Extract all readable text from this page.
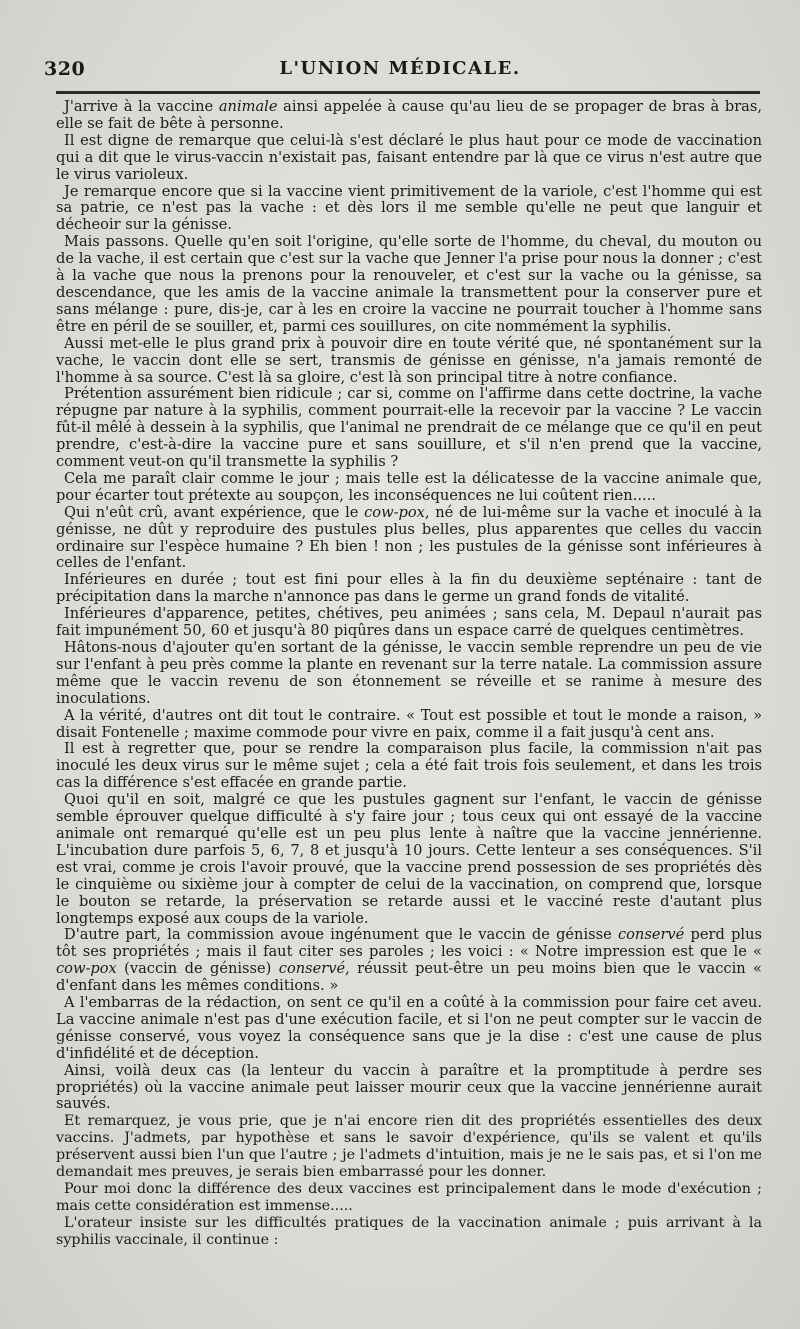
320	L'UNION MÉDICALE.

J'arrive à la vaccine animale ainsi appelée à cause qu'au lieu de se propager de bras à bras, elle se fait de bête à personne.

Il est digne de remarque que celui-là s'est déclaré le plus haut pour ce mode de vaccination qui a dit que le virus-vaccin n'existait pas, faisant entendre par là que ce virus n'est autre que le virus varioleux.

Je remarque encore que si la vaccine vient primitivement de la variole, c'est l'homme qui est sa patrie, ce n'est pas la vache : et dès lors il me semble qu'elle ne peut que languir et décheoir sur la génisse.

Mais passons. Quelle qu'en soit l'origine, qu'elle sorte de l'homme, du cheval, du mouton ou de la vache, il est certain que c'est sur la vache que Jenner l'a prise pour nous la donner ; c'est à la vache que nous la prenons pour la renouveler, et c'est sur la vache ou la génisse, sa descendance, que les amis de la vaccine animale la transmettent pour la conserver pure et sans mélange : pure, dis-je, car à les en croire la vaccine ne pourrait toucher à l'homme sans être en péril de se souiller, et, parmi ces souillures, on cite nommément la syphilis.

Aussi met-elle le plus grand prix à pouvoir dire en toute vérité que, né spontanément sur la vache, le vaccin dont elle se sert, transmis de génisse en génisse, n'a jamais remonté de l'homme à sa source. C'est là sa gloire, c'est là son principal titre à notre confiance.

Prétention assurément bien ridicule ; car si, comme on l'affirme dans cette doctrine, la vache répugne par nature à la syphilis, comment pourrait-elle la recevoir par la vaccine ? Le vaccin fût-il mêlé à dessein à la syphilis, que l'animal ne prendrait de ce mélange que ce qu'il en peut prendre, c'est-à-dire la vaccine pure et sans souillure, et s'il n'en prend que la vaccine, comment veut-on qu'il transmette la syphilis ?

Cela me paraît clair comme le jour ; mais telle est la délicatesse de la vaccine animale que, pour écarter tout prétexte au soupçon, les inconséquences ne lui coûtent rien.....

Qui n'eût crû, avant expérience, que le cow-pox, né de lui-même sur la vache et inoculé à la génisse, ne dût y reproduire des pustules plus belles, plus apparentes que celles du vaccin ordinaire sur l'espèce humaine ? Eh bien ! non ; les pustules de la génisse sont inférieures à celles de l'enfant.

Inférieures en durée ; tout est fini pour elles à la fin du deuxième septénaire : tant de précipitation dans la marche n'annonce pas dans le germe un grand fonds de vitalité.

Inférieures d'apparence, petites, chétives, peu animées ; sans cela, M. Depaul n'aurait pas fait impunément 50, 60 et jusqu'à 80 piqûres dans un espace carré de quelques centimètres.

Hâtons-nous d'ajouter qu'en sortant de la génisse, le vaccin semble reprendre un peu de vie sur l'enfant à peu près comme la plante en revenant sur la terre natale. La commission assure même que le vaccin revenu de son étonnement se réveille et se ranime à mesure des inoculations.

A la vérité, d'autres ont dit tout le contraire. « Tout est possible et tout le monde a raison, » disait Fontenelle ; maxime commode pour vivre en paix, comme il a fait jusqu'à cent ans.

Il est à regretter que, pour se rendre la comparaison plus facile, la commission n'ait pas inoculé les deux virus sur le même sujet ; cela a été fait trois fois seulement, et dans les trois cas la différence s'est effacée en grande partie.

Quoi qu'il en soit, malgré ce que les pustules gagnent sur l'enfant, le vaccin de génisse semble éprouver quelque difficulté à s'y faire jour ; tous ceux qui ont essayé de la vaccine animale ont remarqué qu'elle est un peu plus lente à naître que la vaccine jennérienne. L'incubation dure parfois 5, 6, 7, 8 et jusqu'à 10 jours. Cette lenteur a ses conséquences. S'il est vrai, comme je crois l'avoir prouvé, que la vaccine prend possession de ses propriétés dès le cinquième ou sixième jour à compter de celui de la vaccination, on comprend que, lorsque le bouton se retarde, la préservation se retarde aussi et le vacciné reste d'autant plus longtemps exposé aux coups de la variole.

D'autre part, la commission avoue ingénument que le vaccin de génisse conservé perd plus tôt ses propriétés ; mais il faut citer ses paroles ; les voici : « Notre impression est que le « cow-pox (vaccin de génisse) conservé, réussit peut-être un peu moins bien que le vaccin « d'enfant dans les mêmes conditions. »

A l'embarras de la rédaction, on sent ce qu'il en a coûté à la commission pour faire cet aveu. La vaccine animale n'est pas d'une exécution facile, et si l'on ne peut compter sur le vaccin de génisse conservé, vous voyez la conséquence sans que je la dise : c'est une cause de plus d'infidélité et de déception.

Ainsi, voilà deux cas (la lenteur du vaccin à paraître et la promptitude à perdre ses propriétés) où la vaccine animale peut laisser mourir ceux que la vaccine jennérienne aurait sauvés.

Et remarquez, je vous prie, que je n'ai encore rien dit des propriétés essentielles des deux vaccins. J'admets, par hypothèse et sans le savoir d'expérience, qu'ils se valent et qu'ils préservent aussi bien l'un que l'autre ; je l'admets d'intuition, mais je ne le sais pas, et si l'on me demandait mes preuves, je serais bien embarrassé pour les donner.

Pour moi donc la différence des deux vaccines est principalement dans le mode d'exécution ; mais cette considération est immense.....

L'orateur insiste sur les difficultés pratiques de la vaccination animale ; puis arrivant à la syphilis vaccinale, il continue :
